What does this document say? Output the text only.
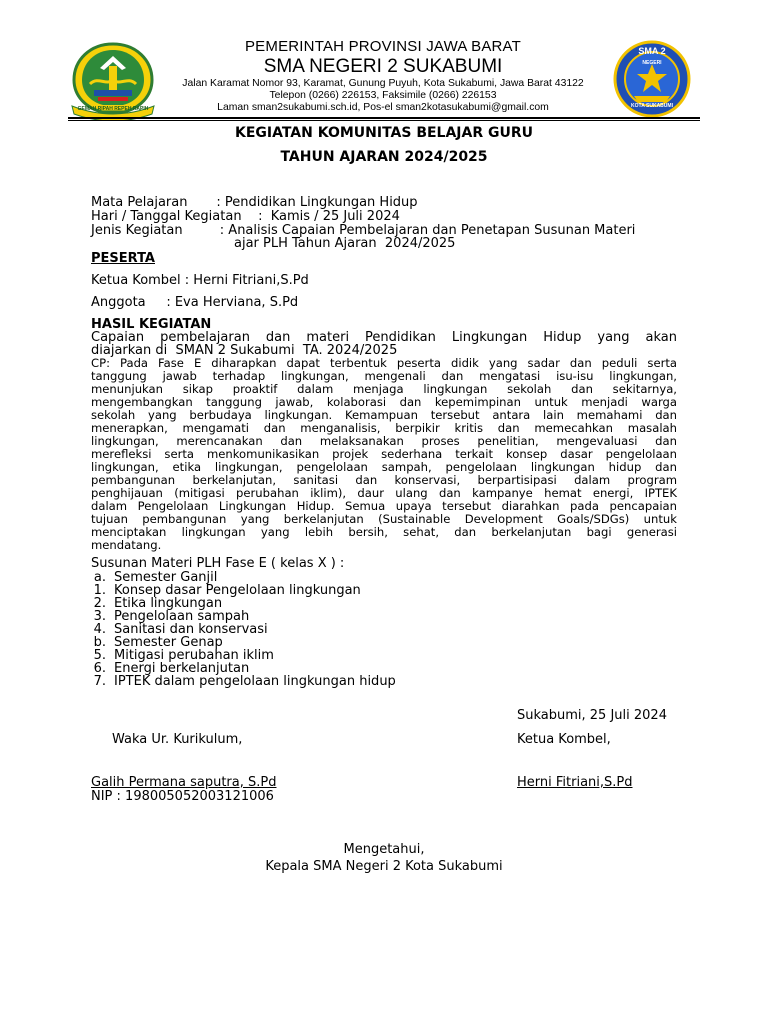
GEMAH RIPAH REPEH RAPIH
SMA 2
NEGERI
KOTA SUKABUMI
PEMERINTAH PROVINSI JAWA BARAT
SMA NEGERI 2 SUKABUMI
Jalan Karamat Nomor 93, Karamat, Gunung Puyuh, Kota Sukabumi, Jawa Barat 43122
Telepon (0266) 226153, Faksimile (0266) 226153
Laman sman2sukabumi.sch.id, Pos-el sman2kotasukabumi@gmail.com
KEGIATAN KOMUNITAS BELAJAR GURU
TAHUN AJARAN 2024/2025
Mata Pelajaran       : Pendidikan Lingkungan Hidup
Hari / Tanggal Kegiatan    :  Kamis / 25 Juli 2024
Jenis Kegiatan         : Analisis Capaian Pembelajaran dan Penetapan Susunan Materi
ajar PLH Tahun Ajaran  2024/2025
PESERTA
Ketua Kombel : Herni Fitriani,S.Pd
Anggota     : Eva Herviana, S.Pd
HASIL KEGIATAN
Capaian pembelajaran dan materi Pendidikan Lingkungan Hidup yang akan
diajarkan di  SMAN 2 Sukabumi  TA. 2024/2025
CP: Pada Fase E diharapkan dapat terbentuk peserta didik yang sadar dan peduli serta
tanggung jawab terhadap lingkungan, mengenali dan mengatasi isu-isu lingkungan,
menunjukan sikap proaktif dalam menjaga lingkungan sekolah dan sekitarnya,
mengembangkan tanggung jawab, kolaborasi dan kepemimpinan untuk menjadi warga
sekolah yang berbudaya lingkungan. Kemampuan tersebut antara lain memahami dan
menerapkan, mengamati dan menganalisis, berpikir kritis dan memecahkan masalah
lingkungan, merencanakan dan melaksanakan proses penelitian, mengevaluasi dan
merefleksi serta menkomunikasikan projek sederhana terkait konsep dasar pengelolaan
lingkungan, etika lingkungan, pengelolaan sampah, pengelolaan lingkungan hidup dan
pembangunan berkelanjutan, sanitasi dan konservasi, berpartisipasi dalam program
penghijauan (mitigasi perubahan iklim), daur ulang dan kampanye hemat energi, IPTEK
dalam Pengelolaan Lingkungan Hidup. Semua upaya tersebut diarahkan pada pencapaian
tujuan pembangunan yang berkelanjutan (Sustainable Development Goals/SDGs) untuk
menciptakan lingkungan yang lebih bersih, sehat, dan berkelanjutan bagi generasi
mendatang.
Susunan Materi PLH Fase E ( kelas X ) :
a. Semester Ganjil
1. Konsep dasar Pengelolaan lingkungan
2. Etika lingkungan
3. Pengelolaan sampah
4. Sanitasi dan konservasi
b. Semester Genap
5. Mitigasi perubahan iklim
6. Energi berkelanjutan
7. IPTEK dalam pengelolaan lingkungan hidup
Sukabumi, 25 Juli 2024
Waka Ur. Kurikulum,	Ketua Kombel,
Galih Permana saputra, S.Pd
NIP : 198005052003121006
Herni Fitriani,S.Pd
Mengetahui,
Kepala SMA Negeri 2 Kota Sukabumi
